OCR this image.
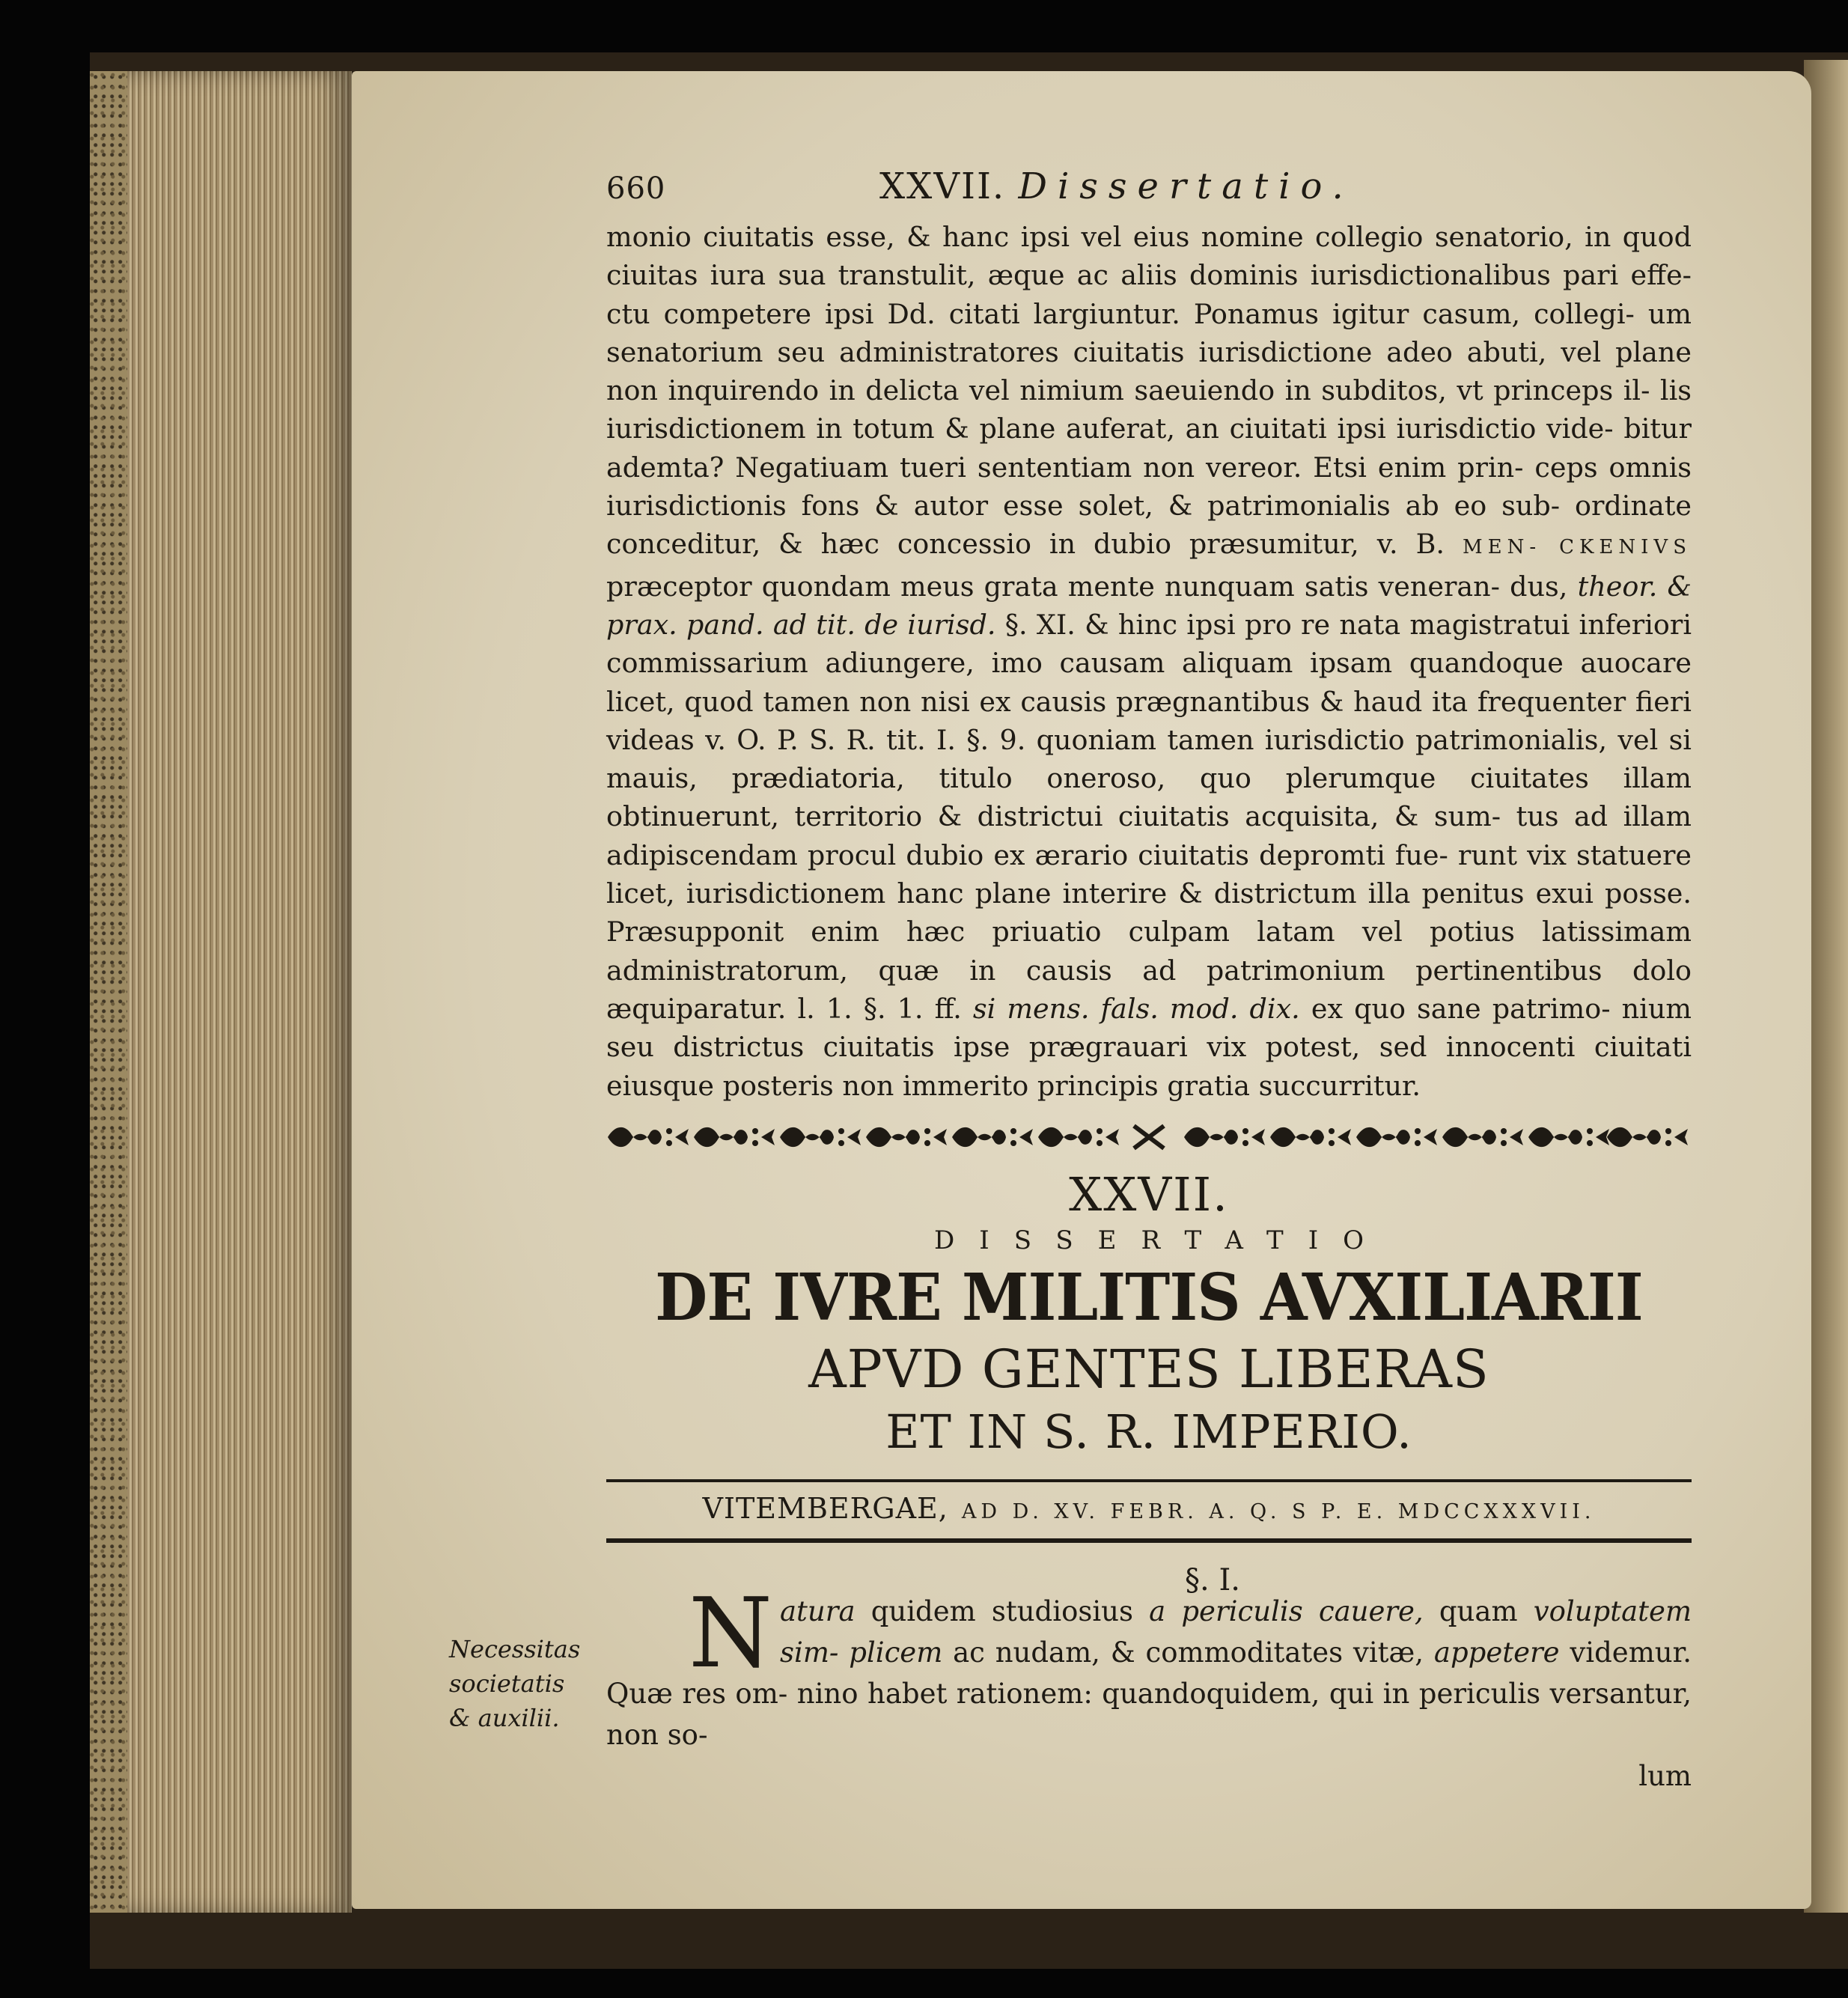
Necessitas societatis & auxilii.
660	XXVII. Dissertatio.

monio ciuitatis esse, & hanc ipsi vel eius nomine collegio senatorio, in quod ciuitas iura sua transtulit, æque ac aliis dominis iurisdictionalibus pari effe- ctu competere ipsi Dd. citati largiuntur. Ponamus igitur casum, collegi- um senatorium seu administratores ciuitatis iurisdictione adeo abuti, vel plane non inquirendo in delicta vel nimium saeuiendo in subditos, vt princeps il- lis iurisdictionem in totum & plane auferat, an ciuitati ipsi iurisdictio vide- bitur ademta? Negatiuam tueri sententiam non vereor. Etsi enim prin- ceps omnis iurisdictionis fons & autor esse solet, & patrimonialis ab eo sub- ordinate conceditur, & hæc concessio in dubio præsumitur, v. B. MEN- CKENIVS præceptor quondam meus grata mente nunquam satis veneran- dus, theor. & prax. pand. ad tit. de iurisd. §. XI. & hinc ipsi pro re nata magistratui inferiori commissarium adiungere, imo causam aliquam ipsam quandoque auocare licet, quod tamen non nisi ex causis prægnantibus & haud ita frequenter fieri videas v. O. P. S. R. tit. I. §. 9. quoniam tamen iurisdictio patrimonialis, vel si mauis, prædiatoria, titulo oneroso, quo plerumque ciuitates illam obtinuerunt, territorio & districtui ciuitatis acquisita, & sum- tus ad illam adipiscendam procul dubio ex ærario ciuitatis depromti fue- runt vix statuere licet, iurisdictionem hanc plane interire & districtum illa penitus exui posse. Præsupponit enim hæc priuatio culpam latam vel potius latissimam administratorum, quæ in causis ad patrimonium pertinentibus dolo æquiparatur. l. 1. §. 1. ff. si mens. fals. mod. dix. ex quo sane patrimo- nium seu districtus ciuitatis ipse prægrauari vix potest, sed innocenti ciuitati eiusque posteris non immerito principis gratia succurritur.

XXVII.
DISSERTATIO
DE IVRE MILITIS AVXILIARII
APVD GENTES LIBERAS
ET IN S. R. IMPERIO.
VITEMBERGAE, AD D. XV. FEBR. A. Q. S P. E. MDCCXXXVII.
§. I.
N atura quidem studiosius a periculis cauere, quam voluptatem sim- plicem ac nudam, & commoditates vitæ, appetere videmur. Quæ res om- nino habet rationem: quandoquidem, qui in periculis versantur, non so-

lum
